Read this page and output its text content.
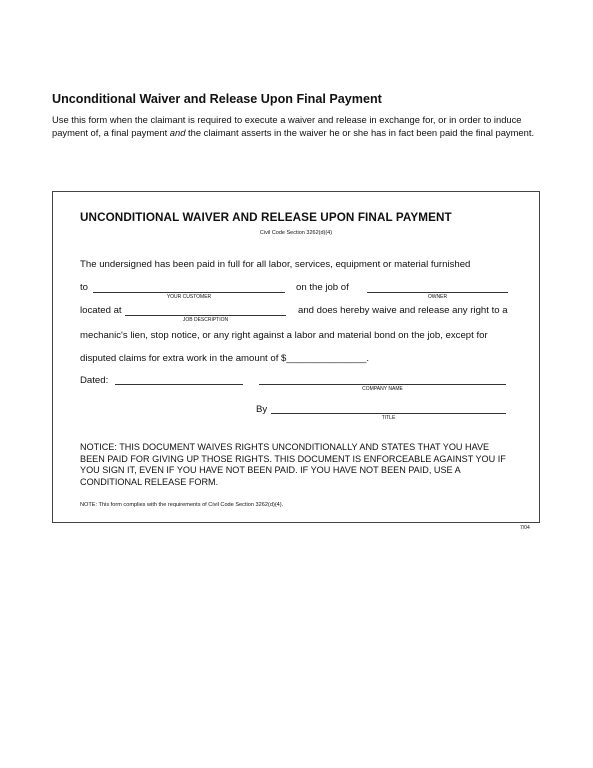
Unconditional Waiver and Release Upon Final Payment
Use this form when the claimant is required to execute a waiver and release in exchange for, or in order to induce payment of, a final payment and the claimant asserts in the waiver he or she has in fact been paid the final payment.
UNCONDITIONAL WAIVER AND RELEASE UPON FINAL PAYMENT
Civil Code Section 3262(d)(4)
The undersigned has been paid in full for all labor, services, equipment or material furnished
to
YOUR CUSTOMER
on the job of
OWNER
located at
JOB DESCRIPTION
and does hereby waive and release any right to a
mechanic's lien, stop notice, or any right against a labor and material bond on the job, except for
disputed claims for extra work in the amount of $_______________.
Dated:
COMPANY NAME
By
TITLE
NOTICE: THIS DOCUMENT WAIVES RIGHTS UNCONDITIONALLY AND STATES THAT YOU HAVE BEEN PAID FOR GIVING UP THOSE RIGHTS. THIS DOCUMENT IS ENFORCEABLE AGAINST YOU IF YOU SIGN IT, EVEN IF YOU HAVE NOT BEEN PAID. IF YOU HAVE NOT BEEN PAID, USE A CONDITIONAL RELEASE FORM.
NOTE: This form complies with the requirements of Civil Code Section 3262(d)(4).
7/04
